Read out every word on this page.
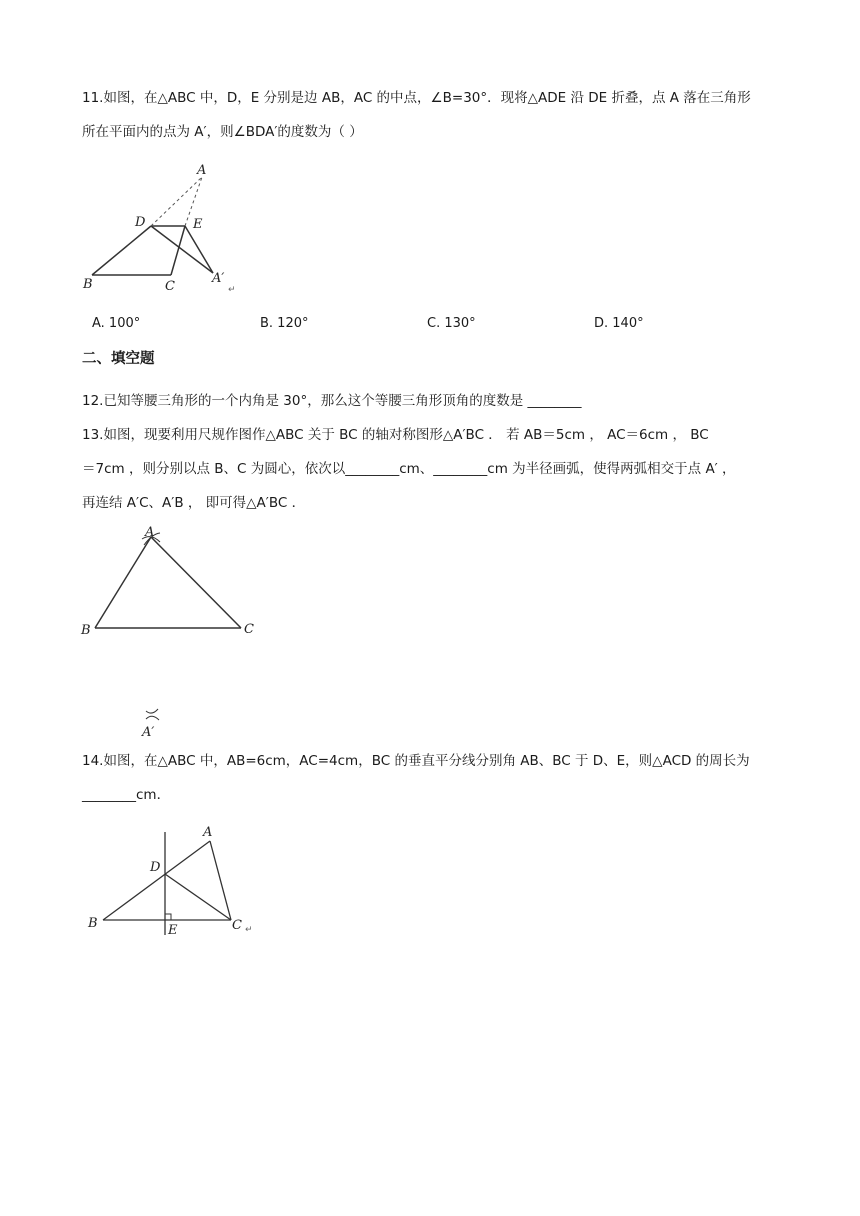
11.如图，在△ABC 中，D，E 分别是边 AB，AC 的中点，∠B=30°．现将△ADE 沿 DE 折叠，点 A 落在三角形
所在平面内的点为 A′，则∠BDA′的度数为（ ）
A
D	E
B	C
A′
↵
A. 100°	B. 120°	C. 130°	D. 140°
二、填空题
12.已知等腰三角形的一个内角是 30°，那么这个等腰三角形顶角的度数是 ________
13.如图，现要利用尺规作图作△ABC 关于 BC 的轴对称图形△A′BC ． 若 AB＝5cm ， AC＝6cm ， BC
＝7cm ，则分别以点 B、C 为圆心，依次以________cm、________cm 为半径画弧，使得两弧相交于点 A′ ，
再连结 A′C、A′B ， 即可得△A′BC ．
A
B	C
A′
14.如图，在△ABC 中，AB=6cm，AC=4cm，BC 的垂直平分线分别角 AB、BC 于 D、E，则△ACD 的周长为
________cm．
A
D
B	E	C ↵
